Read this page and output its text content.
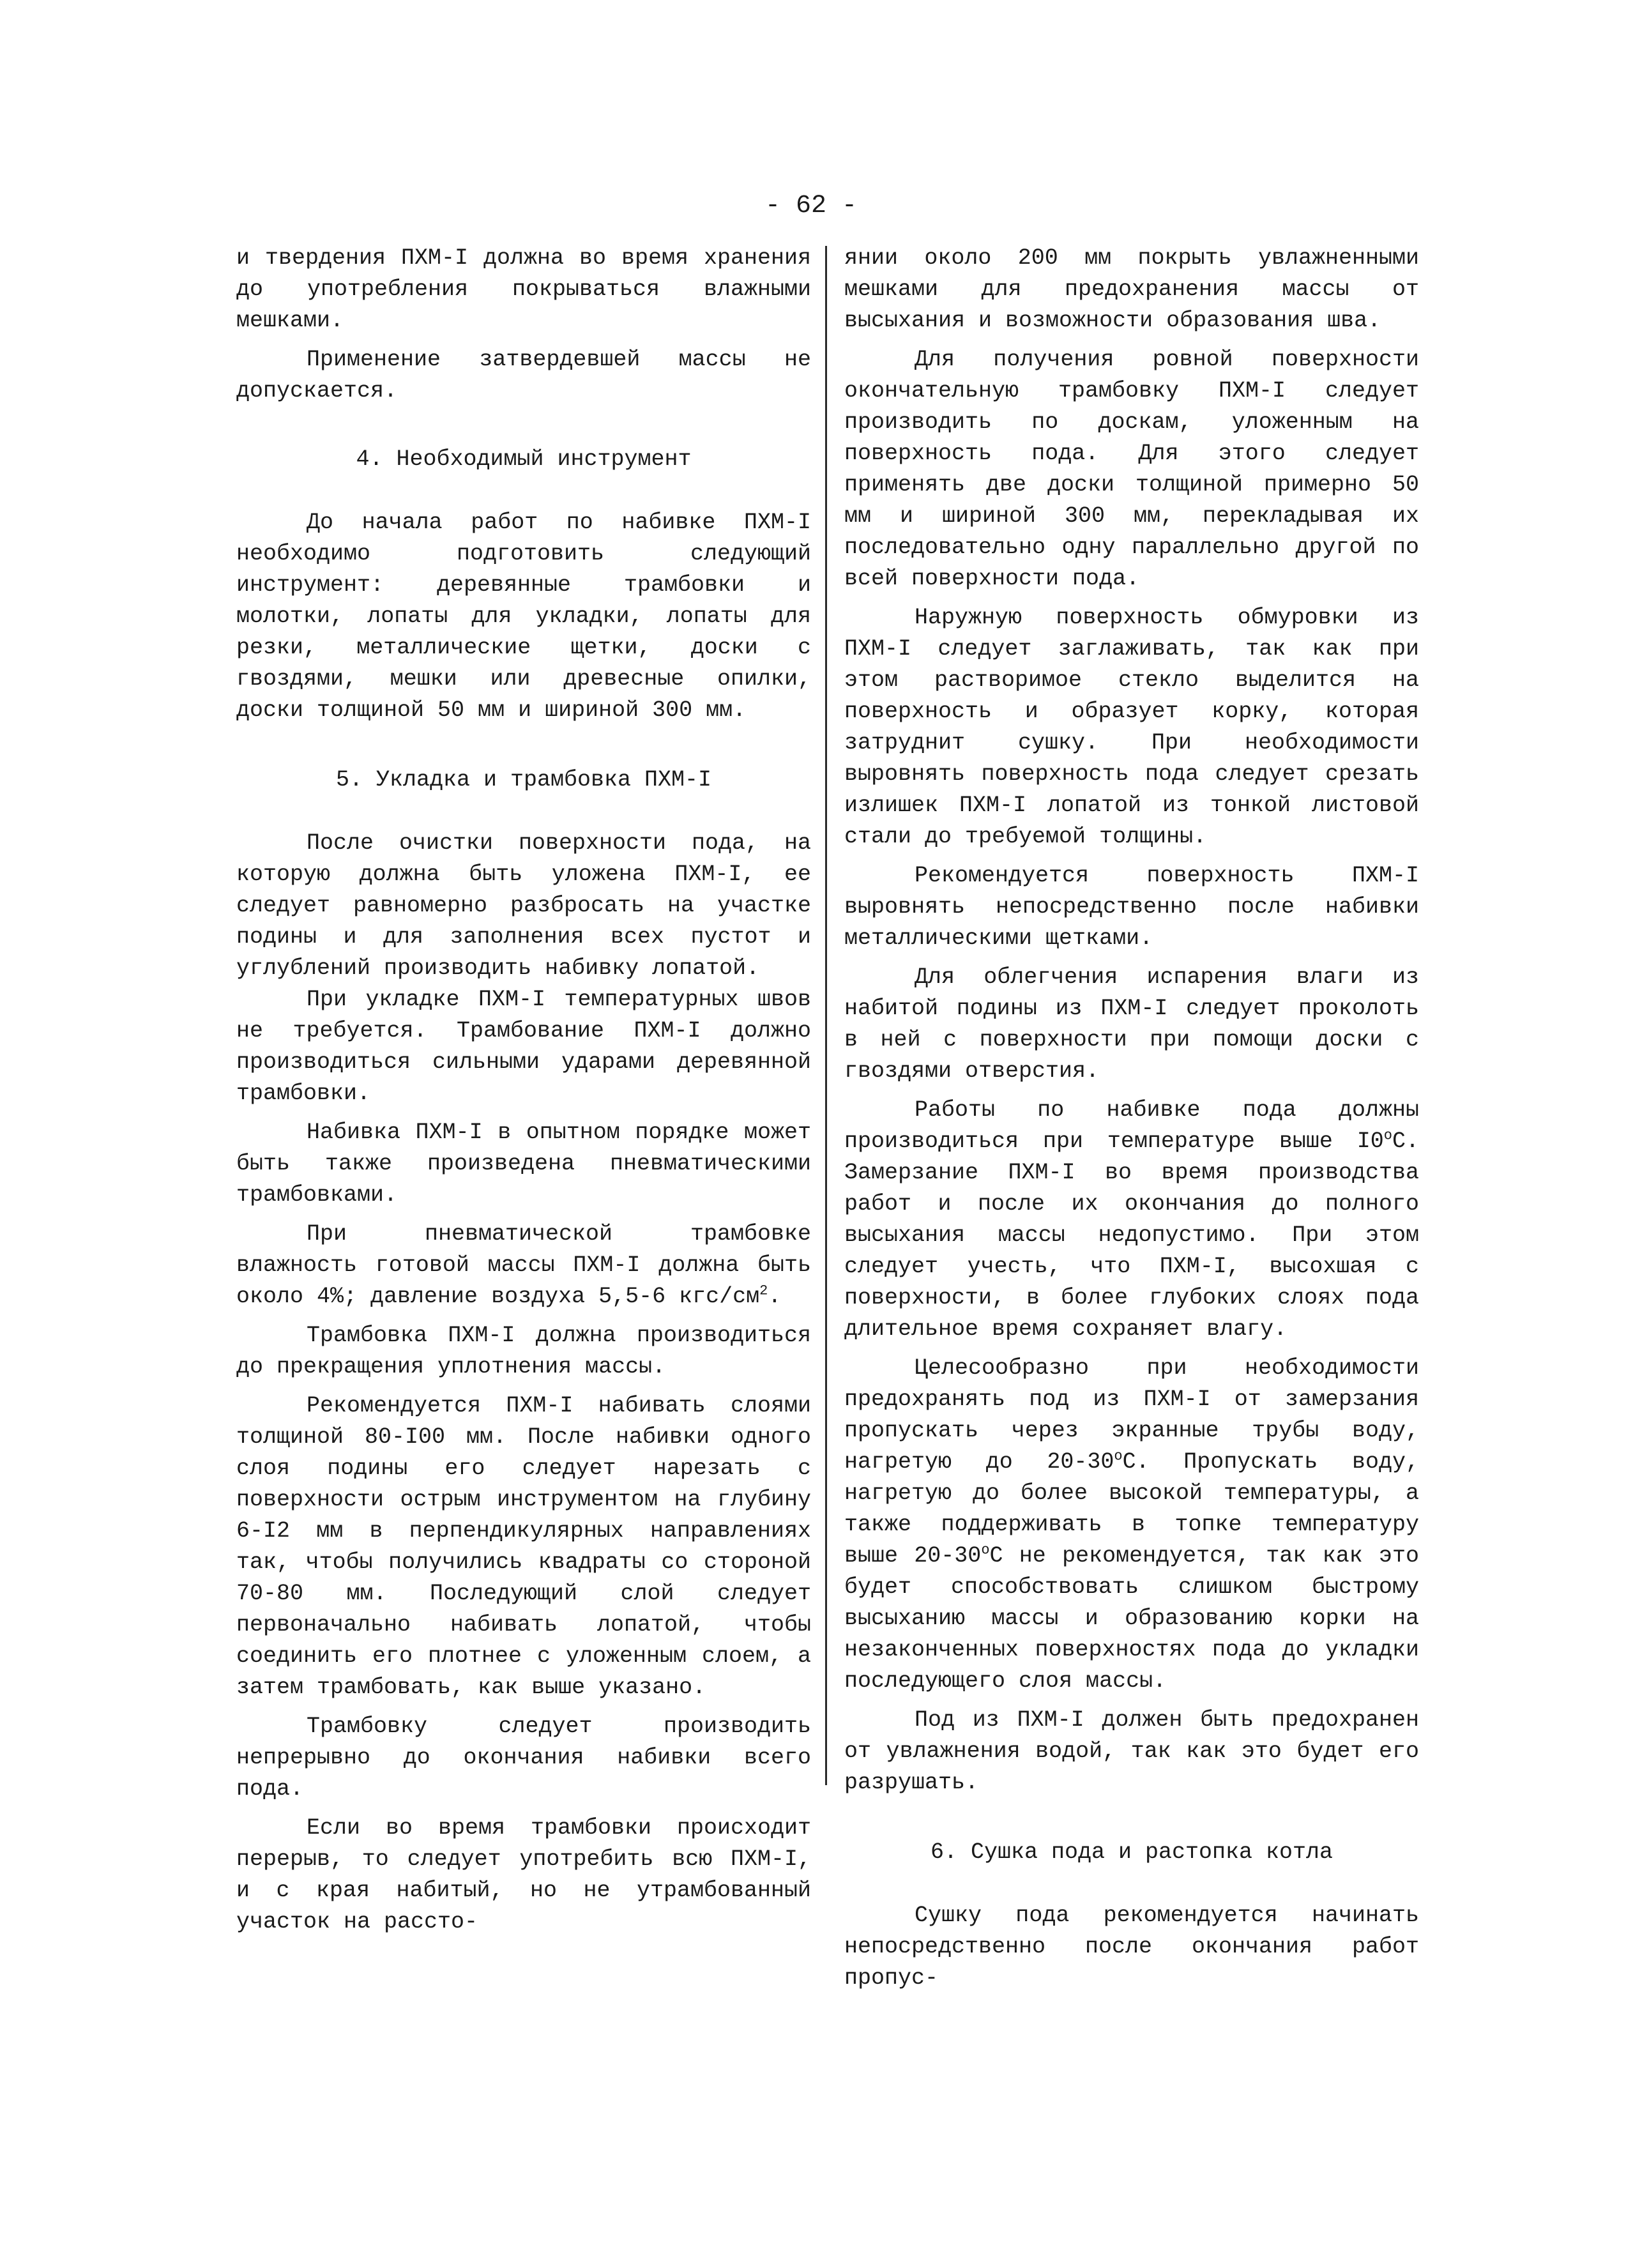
- 62 -

и твердения ПХМ-I должна во время хранения до употребления покрываться влажными мешками.

Применение затвердевшей массы не допускается.

4. Необходимый инструмент

До начала работ по набивке ПХМ-I необходимо подготовить следующий инструмент: деревянные трамбовки и молотки, лопаты для укладки, лопаты для резки, металлические щетки, доски с гвоздями, мешки или древесные опилки, доски толщиной 50 мм и шириной 300 мм.

5. Укладка и трамбовка ПХМ-I

После очистки поверхности пода, на которую должна быть уложена ПХМ-I, ее следует равномерно разбросать на участке подины и для заполнения всех пустот и углублений производить набивку лопатой.

При укладке ПХМ-I температурных швов не требуется. Трамбование ПХМ-I должно производиться сильными ударами деревянной трамбовки.

Набивка ПХМ-I в опытном порядке может быть также произведена пневматическими трамбовками.

При пневматической трамбовке влажность готовой массы ПХМ-I должна быть около 4%; давление воздуха 5,5-6 кгс/$см^2$.

Трамбовка ПХМ-I должна производиться до прекращения уплотнения массы.

Рекомендуется ПХМ-I набивать слоями толщиной 80-I00 мм. После набивки одного слоя подины его следует нарезать с поверхности острым инструментом на глубину 6-I2 мм в перпендикулярных направлениях так, чтобы получились квадраты со стороной 70-80 мм. Последующий слой следует первоначально набивать лопатой, чтобы соединить его плотнее с уложенным слоем, а затем трамбовать, как выше указано.

Трамбовку следует производить непрерывно до окончания набивки всего пода.

Если во время трамбовки происходит перерыв, то следует употребить всю ПХМ-I, и с края набитый, но не утрамбованный участок на рассто-

янии около 200 мм покрыть увлажненными мешками для предохранения массы от высыхания и возможности образования шва.

Для получения ровной поверхности окончательную трамбовку ПХМ-I следует производить по доскам, уложенным на поверхность пода. Для этого следует применять две доски толщиной примерно 50 мм и шириной 300 мм, перекладывая их последовательно одну параллельно другой по всей поверхности пода.

Наружную поверхность обмуровки из ПХМ-I следует заглаживать, так как при этом растворимое стекло выделится на поверхность и образует корку, которая затруднит сушку. При необходимости выровнять поверхность пода следует срезать излишек ПХМ-I лопатой из тонкой листовой стали до требуемой толщины.

Рекомендуется поверхность ПХМ-I выровнять непосредственно после набивки металлическими щетками.

Для облегчения испарения влаги из набитой подины из ПХМ-I следует проколоть в ней с поверхности при помощи доски с гвоздями отверстия.

Работы по набивке пода должны производиться при температуре выше $I0^оС$. Замерзание ПХМ-I во время производства работ и после их окончания до полного высыхания массы недопустимо. При этом следует учесть, что ПХМ-I, высохшая с поверхности, в более глубоких слоях пода длительное время сохраняет влагу.

Целесообразно при необходимости предохранять под из ПХМ-I от замерзания пропускать через экранные трубы воду, нагретую до $20-30^оС$. Пропускать воду, нагретую до более высокой температуры, а также поддерживать в топке температуру выше $20-30^оС$ не рекомендуется, так как это будет способствовать слишком быстрому высыханию массы и образованию корки на незаконченных поверхностях пода до укладки последующего слоя массы.

Под из ПХМ-I должен быть предохранен от увлажнения водой, так как это будет его разрушать.

6. Сушка пода и растопка котла

Сушку пода рекомендуется начинать непосредственно после окончания работ пропус-
